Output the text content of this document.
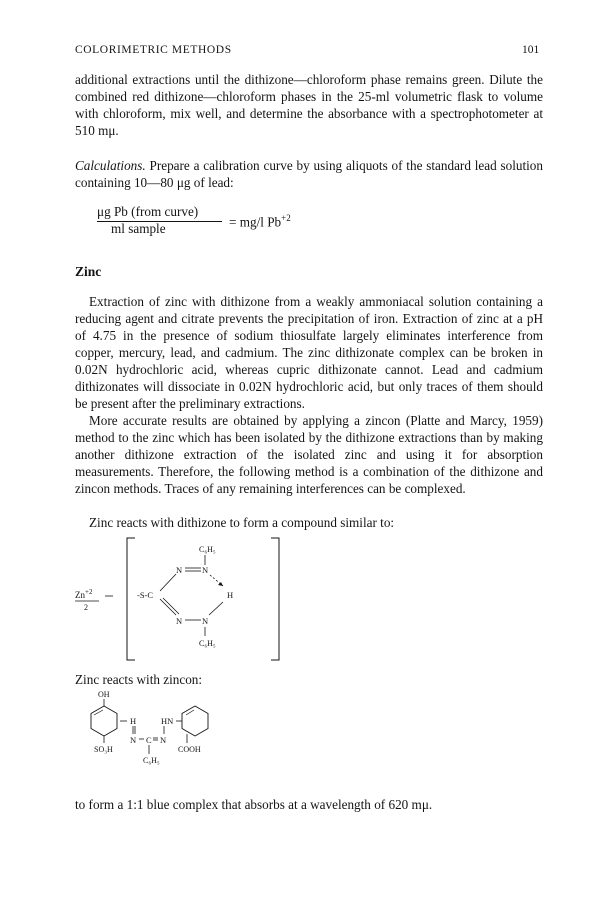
COLORIMETRIC METHODS	101

additional extractions until the dithizone—chloroform phase remains green. Dilute the combined red dithizone—chloroform phases in the 25-ml volumetric flask to volume with chloroform, mix well, and determine the absorbance with a spectrophotometer at 510 mμ.

Calculations. Prepare a calibration curve by using aliquots of the standard lead solution containing 10—80 μg of lead:

μg Pb (from curve)
ml sample	= mg/l $Pb^{+2}$
Zinc

Extraction of zinc with dithizone from a weakly ammoniacal solution containing a reducing agent and citrate prevents the precipitation of iron. Extraction of zinc at a pH of 4.75 in the presence of sodium thiosulfate largely eliminates interference from copper, mercury, lead, and cadmium. The zinc dithizonate complex can be broken in 0.02N hydrochloric acid, whereas cupric dithizonate cannot. Lead and cadmium dithizonates will dissociate in 0.02N hydrochloric acid, but only traces of them should be present after the preliminary extractions.

More accurate results are obtained by applying a zincon (Platte and Marcy, 1959) method to the zinc which has been isolated by the dithizone extractions than by making another dithizone extraction of the isolated zinc and using it for absorption measurements. Therefore, the following method is a combination of the dithizone and zincon methods. Traces of any remaining interferences can be complexed.

Zinc reacts with dithizone to form a compound similar to:

$Zn^{+2}$
2
-S-C
C₆H₅
N N
H
N N
C₆H₅

Zinc reacts with zincon:

OH
SO₃H
H
N C N
C₆H₅
HN
COOH

to form a 1:1 blue complex that absorbs at a wavelength of 620 mμ.
